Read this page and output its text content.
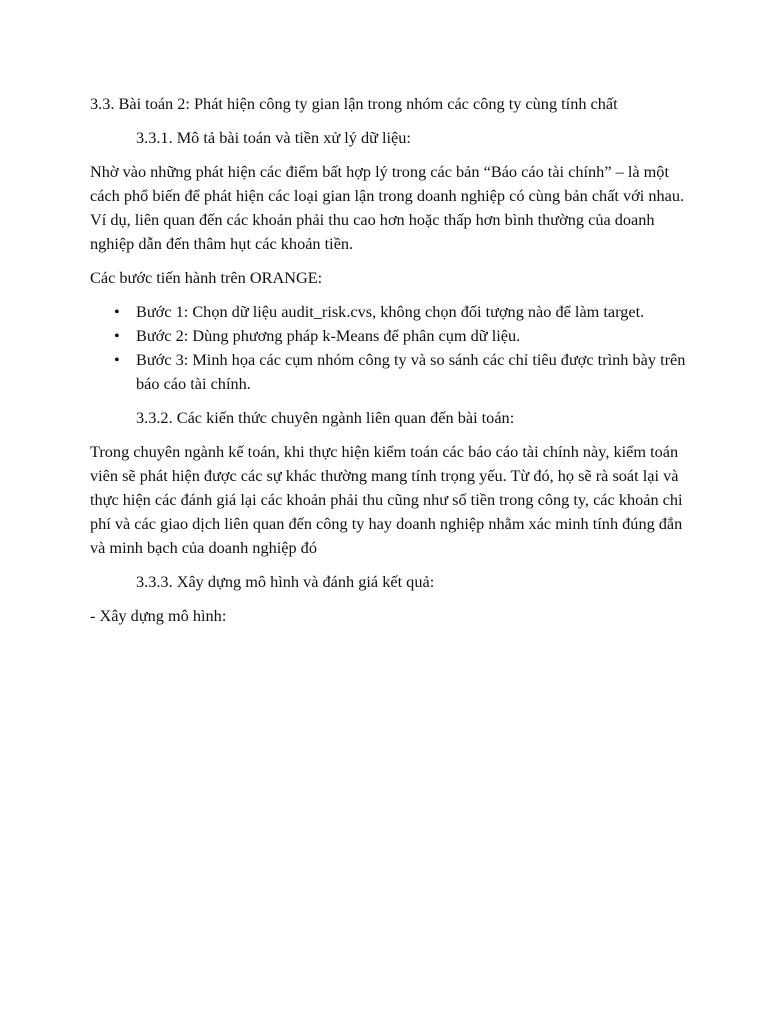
3.3. Bài toán 2: Phát hiện công ty gian lận trong nhóm các công ty cùng tính chất

3.3.1. Mô tả bài toán và tiền xử lý dữ liệu:

Nhờ vào những phát hiện các điểm bất hợp lý trong các bản “Báo cáo tài chính” – là một cách phổ biến để phát hiện các loại gian lận trong doanh nghiệp có cùng bản chất với nhau. Ví dụ, liên quan đến các khoản phải thu cao hơn hoặc thấp hơn bình thường của doanh nghiệp dẫn đến thâm hụt các khoản tiền.

Các bước tiến hành trên ORANGE:

• Bước 1: Chọn dữ liệu audit_risk.cvs, không chọn đối tượng nào để làm target.
• Bước 2: Dùng phương pháp k-Means để phân cụm dữ liệu.
• Bước 3: Minh họa các cụm nhóm công ty và so sánh các chỉ tiêu được trình bày trên báo cáo tài chính.

3.3.2. Các kiến thức chuyên ngành liên quan đến bài toán:

Trong chuyên ngành kế toán, khi thực hiện kiểm toán các báo cáo tài chính này, kiểm toán viên sẽ phát hiện được các sự khác thường mang tính trọng yếu. Từ đó, họ sẽ rà soát lại và thực hiện các đánh giá lại các khoản phải thu cũng như số tiền trong công ty, các khoản chi phí và các giao dịch liên quan đến công ty hay doanh nghiệp nhằm xác minh tính đúng đắn và minh bạch của doanh nghiệp đó

3.3.3. Xây dựng mô hình và đánh giá kết quả:

- Xây dựng mô hình:
